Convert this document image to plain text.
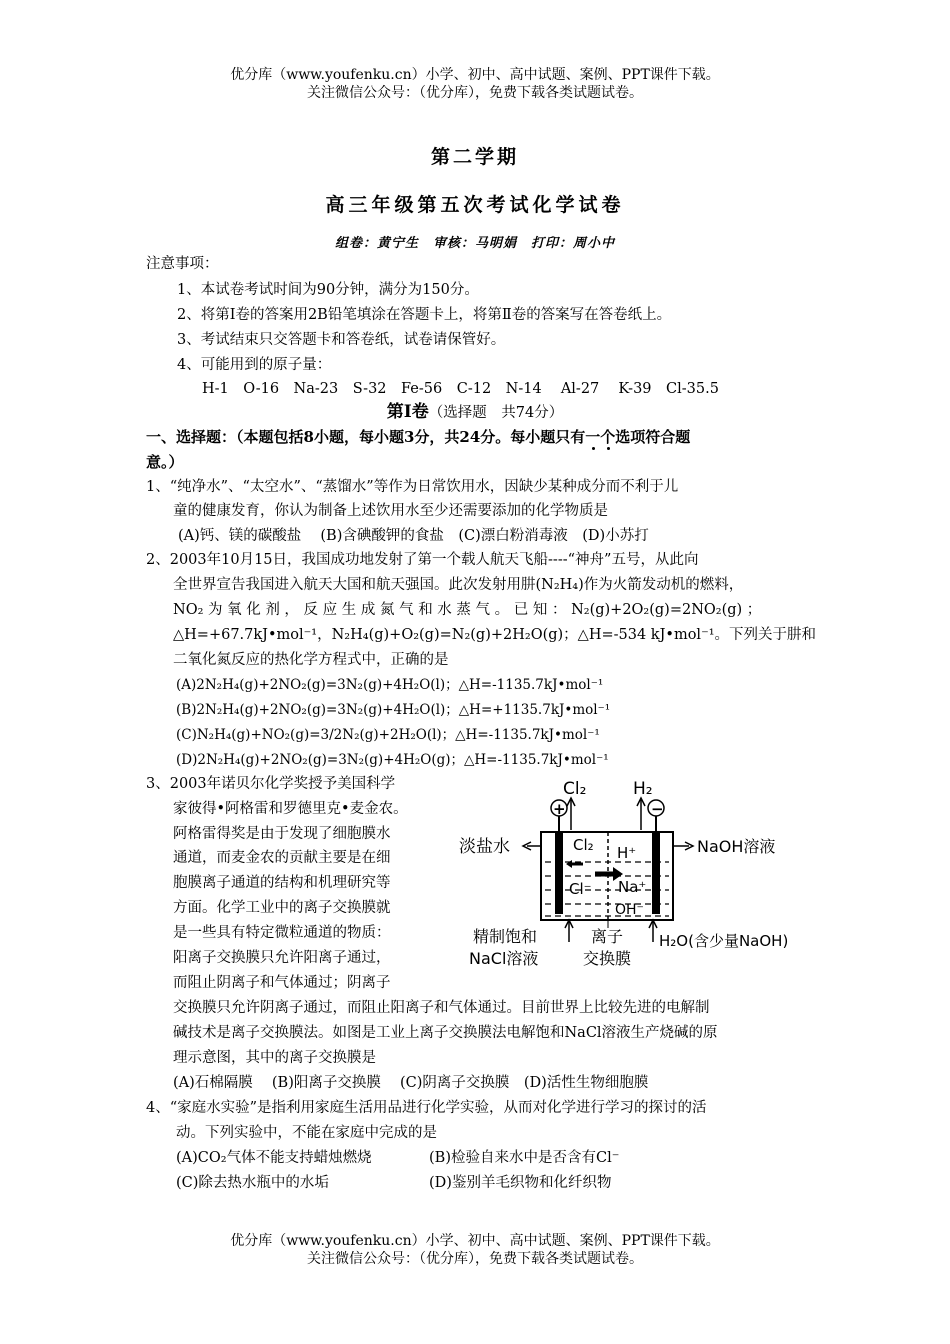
优分库（www.youfenku.cn）小学、初中、高中试题、案例、PPT课件下载。
关注微信公众号：（优分库），免费下载各类试题试卷。
第二学期
高三年级第五次考试化学试卷
组卷：黄宁生　审核：马明娟　打印：周小中
注意事项：
1、本试卷考试时间为90分钟，满分为150分。
2、将第Ⅰ卷的答案用2B铅笔填涂在答题卡上，将第Ⅱ卷的答案写在答卷纸上。
3、考试结束只交答题卡和答卷纸，试卷请保管好。
4、可能用到的原子量：
H-1　O-16　Na-23　S-32　Fe-56　C-12　N-14　 Al-27　 K-39　Cl-35.5
第Ⅰ卷（选择题　共74分）
一、选择题：（本题包括8小题，每小题3分，共24分。每小题只有一个选项符合题
意。）
1、“纯净水”、“太空水”、“蒸馏水”等作为日常饮用水，因缺少某种成分而不利于儿
童的健康发育，你认为制备上述饮用水至少还需要添加的化学物质是
(A)钙、镁的碳酸盐　 (B)含碘酸钾的食盐　(C)漂白粉消毒液　(D)小苏打
2、2003年10月15日，我国成功地发射了第一个载人航天飞船----“神舟”五号，从此向
全世界宣告我国进入航天大国和航天强国。此次发射用肼(N₂H₄)作为火箭发动机的燃料，
NO₂ 为 氧 化 剂 ， 反 应 生 成 氮 气 和 水 蒸 气 。 已 知 ： N₂(g)+2O₂(g)=2NO₂(g) ；
△H=+67.7kJ•mol⁻¹，N₂H₄(g)+O₂(g)=N₂(g)+2H₂O(g)；△H=-534 kJ•mol⁻¹。下列关于肼和
二氧化氮反应的热化学方程式中，正确的是
(A)2N₂H₄(g)+2NO₂(g)=3N₂(g)+4H₂O(l)；△H=-1135.7kJ•mol⁻¹
(B)2N₂H₄(g)+2NO₂(g)=3N₂(g)+4H₂O(l)；△H=+1135.7kJ•mol⁻¹
(C)N₂H₄(g)+NO₂(g)=3/2N₂(g)+2H₂O(l)；△H=-1135.7kJ•mol⁻¹
(D)2N₂H₄(g)+2NO₂(g)=3N₂(g)+4H₂O(g)；△H=-1135.7kJ•mol⁻¹
3、2003年诺贝尔化学奖授予美国科学
家彼得•阿格雷和罗德里克•麦金农。
阿格雷得奖是由于发现了细胞膜水
通道，而麦金农的贡献主要是在细
胞膜离子通道的结构和机理研究等
方面。化学工业中的离子交换膜就
是一些具有特定微粒通道的物质：
阳离子交换膜只允许阳离子通过，
而阻止阴离子和气体通过；阴离子
交换膜只允许阴离子通过，而阻止阳离子和气体通过。目前世界上比较先进的电解制
碱技术是离子交换膜法。如图是工业上离子交换膜法电解饱和NaCl溶液生产烧碱的原
理示意图，其中的离子交换膜是
(A)石棉隔膜　 (B)阳离子交换膜　 (C)阴离子交换膜　(D)活性生物细胞膜
Cl₂	H₂
+	−
Cl₂ H⁺
Na⁺
Cl⁻
OH⁻
淡盐水	NaOH溶液
精制饱和
NaCl溶液
离子
交换膜
H₂O(含少量NaOH)
4、“家庭水实验”是指利用家庭生活用品进行化学实验，从而对化学进行学习的探讨的活
动。下列实验中，不能在家庭中完成的是
(A)CO₂气体不能支持蜡烛燃烧	(B)检验自来水中是否含有Cl⁻
(C)除去热水瓶中的水垢	(D)鉴别羊毛织物和化纤织物
优分库（www.youfenku.cn）小学、初中、高中试题、案例、PPT课件下载。
关注微信公众号：（优分库），免费下载各类试题试卷。
